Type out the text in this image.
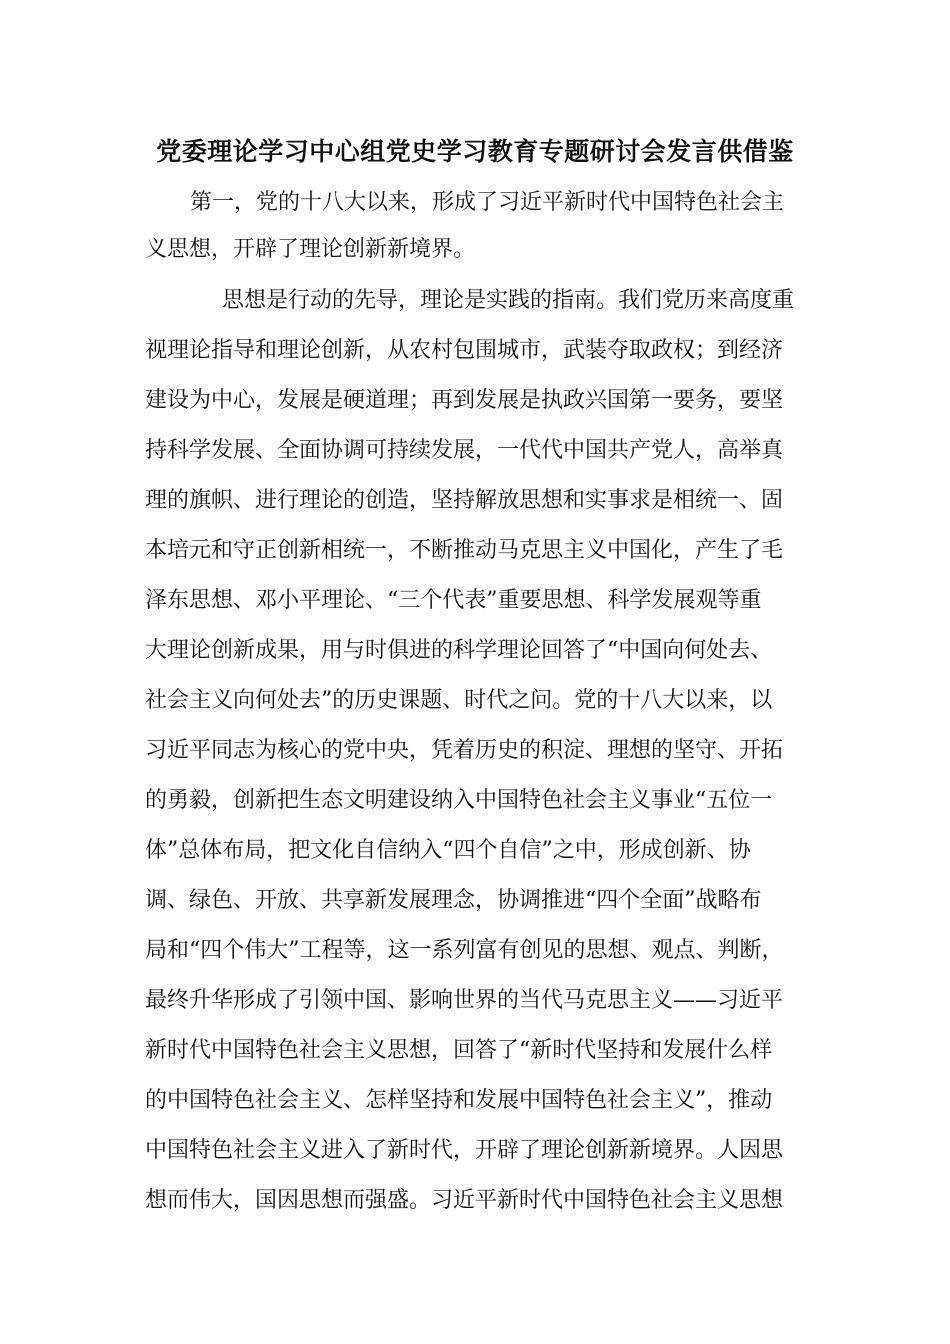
党委理论学习中心组党史学习教育专题研讨会发言供借鉴
第一，党的十八大以来，形成了习近平新时代中国特色社会主
义思想，开辟了理论创新新境界。
思想是行动的先导，理论是实践的指南。我们党历来高度重
视理论指导和理论创新，从农村包围城市，武装夺取政权；到经济
建设为中心，发展是硬道理；再到发展是执政兴国第一要务，要坚
持科学发展、全面协调可持续发展，一代代中国共产党人，高举真
理的旗帜、进行理论的创造，坚持解放思想和实事求是相统一、固
本培元和守正创新相统一，不断推动马克思主义中国化，产生了毛
泽东思想、邓小平理论、“三个代表”重要思想、科学发展观等重
大理论创新成果，用与时俱进的科学理论回答了“中国向何处去、
社会主义向何处去”的历史课题、时代之问。党的十八大以来，以
习近平同志为核心的党中央，凭着历史的积淀、理想的坚守、开拓
的勇毅，创新把生态文明建设纳入中国特色社会主义事业“五位一
体”总体布局，把文化自信纳入“四个自信”之中，形成创新、协
调、绿色、开放、共享新发展理念，协调推进“四个全面”战略布
局和“四个伟大”工程等，这一系列富有创见的思想、观点、判断，
最终升华形成了引领中国、影响世界的当代马克思主义——习近平
新时代中国特色社会主义思想，回答了“新时代坚持和发展什么样
的中国特色社会主义、怎样坚持和发展中国特色社会主义”，推动
中国特色社会主义进入了新时代，开辟了理论创新新境界。人因思
想而伟大，国因思想而强盛。习近平新时代中国特色社会主义思想
